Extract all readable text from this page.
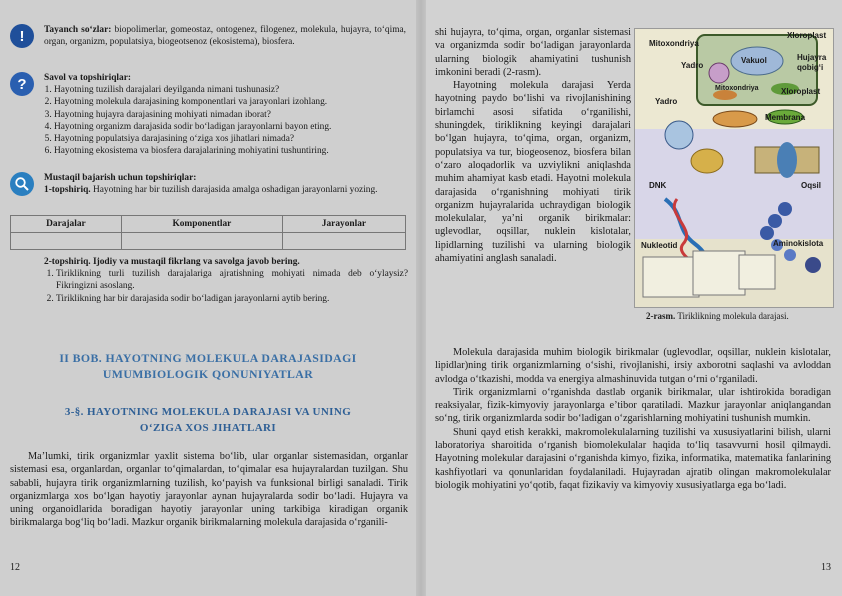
!	Tayanch so‘zlar: biopolimerlar, gomeostaz, ontogenez, filogenez, molekula, hujayra, to‘qima, organ, organizm, populatsiya, biogeotsenoz (ekosistema), biosfera.
?	Savol va topshiriqlar:
1. Hayotning tuzilish darajalari deyilganda nimani tushunasiz?
2. Hayotning molekula darajasining komponentlari va jarayonlari izohlang.
3. Hayotning hujayra darajasining mohiyati nimadan iborat?
4. Hayotning organizm darajasida sodir bo‘ladigan jarayonlarni bayon eting.
5. Hayotning populatsiya darajasining o‘ziga xos jihatlari nimada?
6. Hayotning ekosistema va biosfera darajalarining mohiyatini tushuntiring.
Mustaqil bajarish uchun topshiriqlar:
1-topshiriq. Hayotning har bir tuzilish darajasida amalga oshadigan jarayonlarni yozing.
Darajalar	Komponentlar	Jarayonlar

2-topshiriq. Ijodiy va mustaqil fikrlang va savolga javob bering.
1. Tiriklikning turli tuzilish darajalariga ajratishning mohiyati nimada deb o‘ylaysiz? Fikringizni asoslang.
2. Tiriklikning har bir darajasida sodir bo‘ladigan jarayonlarni aytib bering.
II BOB. HAYOTNING MOLEKULA DARAJASIDAGI
UMUMBIOLOGIK QONUNIYATLAR
3-§. HAYOTNING MOLEKULA DARAJASI VA UNING
O‘ZIGA XOS JIHATLARI

Ma’lumki, tirik organizmlar yaxlit sistema bo‘lib, ular organlar sistemasidan, organlar sistemasi esa, organlardan, organlar to‘qimalardan, to‘qimalar esa hujayralardan tuzilgan. Shu sababli, hujayra tirik organizmlarning tuzilish, ko‘payish va funksional birligi sanaladi. Tirik organizmlarga xos bo‘lgan hayotiy jarayonlar aynan hujayralarda sodir bo‘ladi. Hujayra va uning organoidlarida boradigan hayotiy jarayonlar uning tarkibiga kiradigan organik birikmalarga bog‘liq bo‘ladi. Mazkur organik birikmalarning molekula darajasida o‘rganili-

12

shi hujayra, to‘qima, organ, organlar sistemasi va organizmda sodir bo‘ladigan jarayonlarda ularning biologik ahamiyatini tushunish imkonini beradi (2-rasm).

Hayotning molekula darajasi Yerda hayotning paydo bo‘lishi va rivojlanishining birlamchi asosi sifatida o‘rganilishi, shuningdek, tiriklikning keyingi darajalari bo‘lgan hujayra, to‘qima, organ, organizm, populatsiya va tur, biogeosenoz, biosfera bilan o‘zaro aloqadorlik va uzviylikni aniqlashda muhim ahamiyat kasb etadi. Hayotni molekula darajasida o‘rganishning mohiyati tirik organizm hujayralarida uchraydigan biologik molekulalar, ya’ni organik birikmalar: uglevodlar, oqsillar, nuklein kislotalar, lipidlarning tuzilishi va ularning biologik ahamiyatini anglash sanaladi.

Molekula darajasida muhim biologik birikmalar (uglevodlar, oqsillar, nuklein kislotalar, lipidlar)ning tirik organizmlarning o‘sishi, rivojlanishi, irsiy axborotni saqlashi va avloddan avlodga o‘tkazishi, modda va energiya almashinuvida tutgan o‘rni o‘rganiladi.

Tirik organizmlarni o‘rganishda dastlab organik birikmalar, ular ishtirokida boradigan reaksiyalar, fizik-kimyoviy jarayonlarga e’tibor qaratiladi. Mazkur jarayonlar aniqlangandan so‘ng, tirik organizmlarda sodir bo‘ladigan o‘zgarishlarning mohiyatini tushunish mumkin.

Shuni qayd etish kerakki, makromolekulalarning tuzilishi va xususiyatlarini bilish, ularni laboratoriya sharoitida o‘rganish biomolekulalar haqida to‘liq tasavvurni hosil qilmaydi. Hayotning molekular darajasini o‘rganishda kimyo, fizika, informatika, matematika fanlarining kashfiyotlari va qonunlaridan foydalaniladi. Hujayradan ajratib olingan makromolekulalar biologik mohiyatini yo‘qotib, faqat fizikaviy va kimyoviy xususiyatlarga ega bo‘ladi.

13
Mitoxondriya
Xloroplast
Yadro
Vakuol	Hujayra
qobig‘i
Mitoxondriya	Xloroplast
Yadro
Membrana
DNK	Oqsil
Nukleotid	Aminokislota
2-rasm. Tiriklikning molekula darajasi.
